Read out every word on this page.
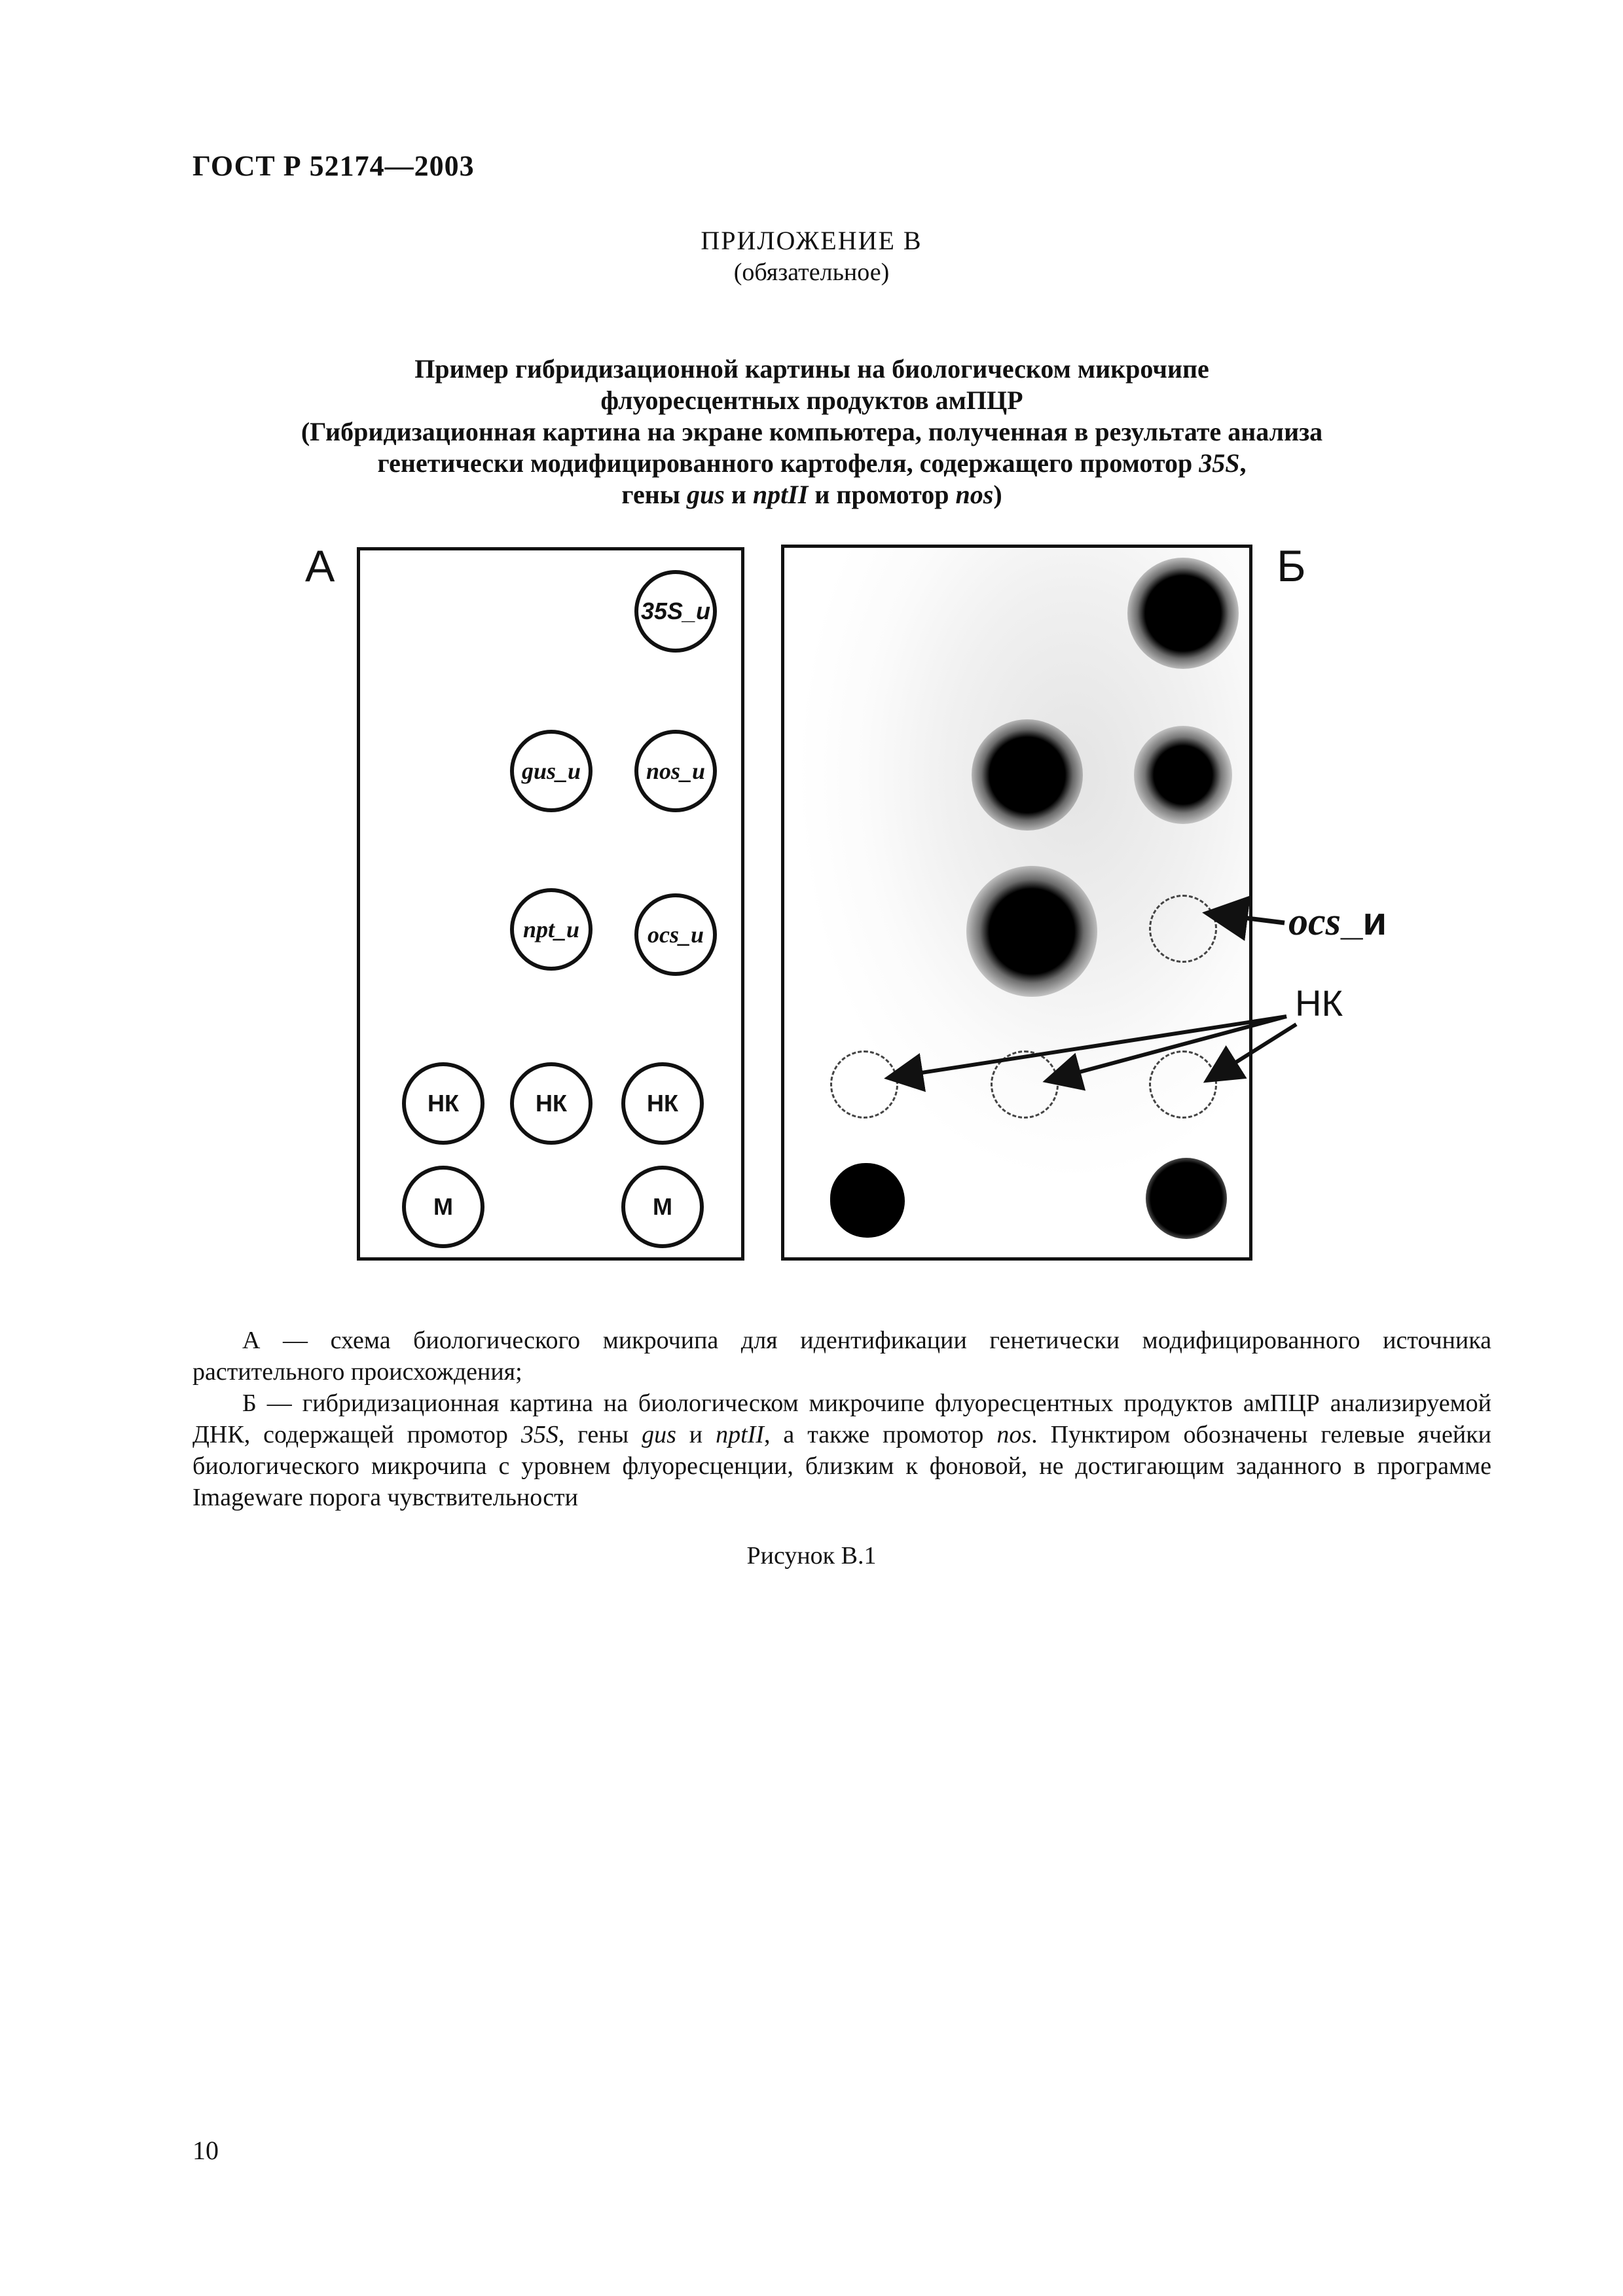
ГОСТ Р 52174—2003
ПРИЛОЖЕНИЕ В
(обязательное)
Пример гибридизационной картины на биологическом микрочипе
флуоресцентных продуктов амПЦР
(Гибридизационная картина на экране компьютера, полученная в результате анализа
генетически модифицированного картофеля, содержащего промотор 35S,
гены gus и nptII и промотор nos)
А
35S_и
gus_и	nos_и
npt_и	ocs_и
НК	НК	НК
М	М
Б
ocs_и
НК
А — схема биологического микрочипа для идентификации генетически модифицированного источника растительного происхождения;
Б — гибридизационная картина на биологическом микрочипе флуоресцентных продуктов амПЦР анализируемой ДНК, содержащей промотор 35S, гены gus и nptII, а также промотор nos. Пунктиром обозначены гелевые ячейки биологического микрочипа с уровнем флуоресценции, близким к фоновой, не достигающим заданного в программе Imageware порога чувствительности
Рисунок В.1
10
